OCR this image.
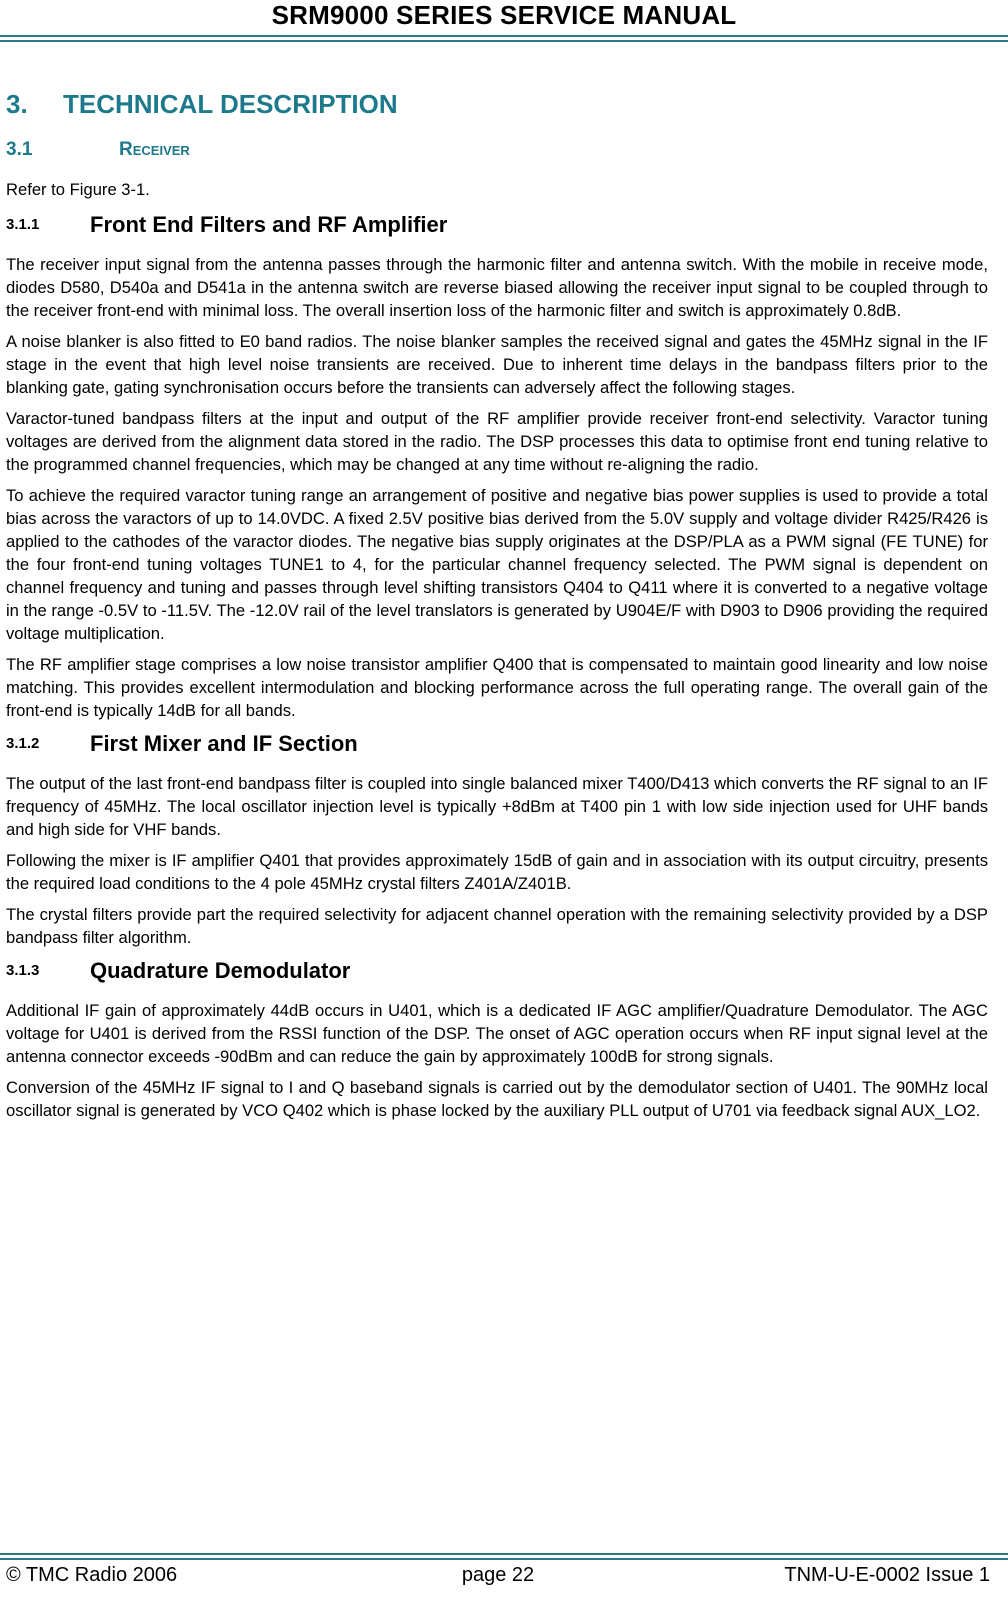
SRM9000 SERIES SERVICE MANUAL
3.	TECHNICAL DESCRIPTION
3.1	Receiver

Refer to Figure 3-1.

3.1.1	Front End Filters and RF Amplifier

The receiver input signal from the antenna passes through the harmonic filter and antenna switch. With the mobile in receive mode, diodes D580, D540a and D541a in the antenna switch are reverse biased allowing the receiver input signal to be coupled through to the receiver front-end with minimal loss. The overall insertion loss of the harmonic filter and switch is approximately 0.8dB.

A noise blanker is also fitted to E0 band radios. The noise blanker samples the received signal and gates the 45MHz signal in the IF stage in the event that high level noise transients are received. Due to inherent time delays in the bandpass filters prior to the blanking gate, gating synchronisation occurs before the transients can adversely affect the following stages.

Varactor-tuned bandpass filters at the input and output of the RF amplifier provide receiver front-end selectivity. Varactor tuning voltages are derived from the alignment data stored in the radio. The DSP processes this data to optimise front end tuning relative to the programmed channel frequencies, which may be changed at any time without re-aligning the radio.

To achieve the required varactor tuning range an arrangement of positive and negative bias power supplies is used to provide a total bias across the varactors of up to 14.0VDC. A fixed 2.5V positive bias derived from the 5.0V supply and voltage divider R425/R426 is applied to the cathodes of the varactor diodes. The negative bias supply originates at the DSP/PLA as a PWM signal (FE TUNE) for the four front-end tuning voltages TUNE1 to 4, for the particular channel frequency selected. The PWM signal is dependent on channel frequency and tuning and passes through level shifting transistors Q404 to Q411 where it is converted to a negative voltage in the range -0.5V to -11.5V. The -12.0V rail of the level translators is generated by U904E/F with D903 to D906 providing the required voltage multiplication.

The RF amplifier stage comprises a low noise transistor amplifier Q400 that is compensated to maintain good linearity and low noise matching. This provides excellent intermodulation and blocking performance across the full operating range. The overall gain of the front-end is typically 14dB for all bands.

3.1.2	First Mixer and IF Section

The output of the last front-end bandpass filter is coupled into single balanced mixer T400/D413 which converts the RF signal to an IF frequency of 45MHz. The local oscillator injection level is typically +8dBm at T400 pin 1 with low side injection used for UHF bands and high side for VHF bands.

Following the mixer is IF amplifier Q401 that provides approximately 15dB of gain and in association with its output circuitry, presents the required load conditions to the 4 pole 45MHz crystal filters Z401A/Z401B.

The crystal filters provide part the required selectivity for adjacent channel operation with the remaining selectivity provided by a DSP bandpass filter algorithm.

3.1.3	Quadrature Demodulator

Additional IF gain of approximately 44dB occurs in U401, which is a dedicated IF AGC amplifier/Quadrature Demodulator. The AGC voltage for U401 is derived from the RSSI function of the DSP. The onset of AGC operation occurs when RF input signal level at the antenna connector exceeds -90dBm and can reduce the gain by approximately 100dB for strong signals.

Conversion of the 45MHz IF signal to I and Q baseband signals is carried out by the demodulator section of U401. The 90MHz local oscillator signal is generated by VCO Q402 which is phase locked by the auxiliary PLL output of U701 via feedback signal AUX_LO2.

© TMC Radio 2006	page 22	TNM-U-E-0002 Issue 1
